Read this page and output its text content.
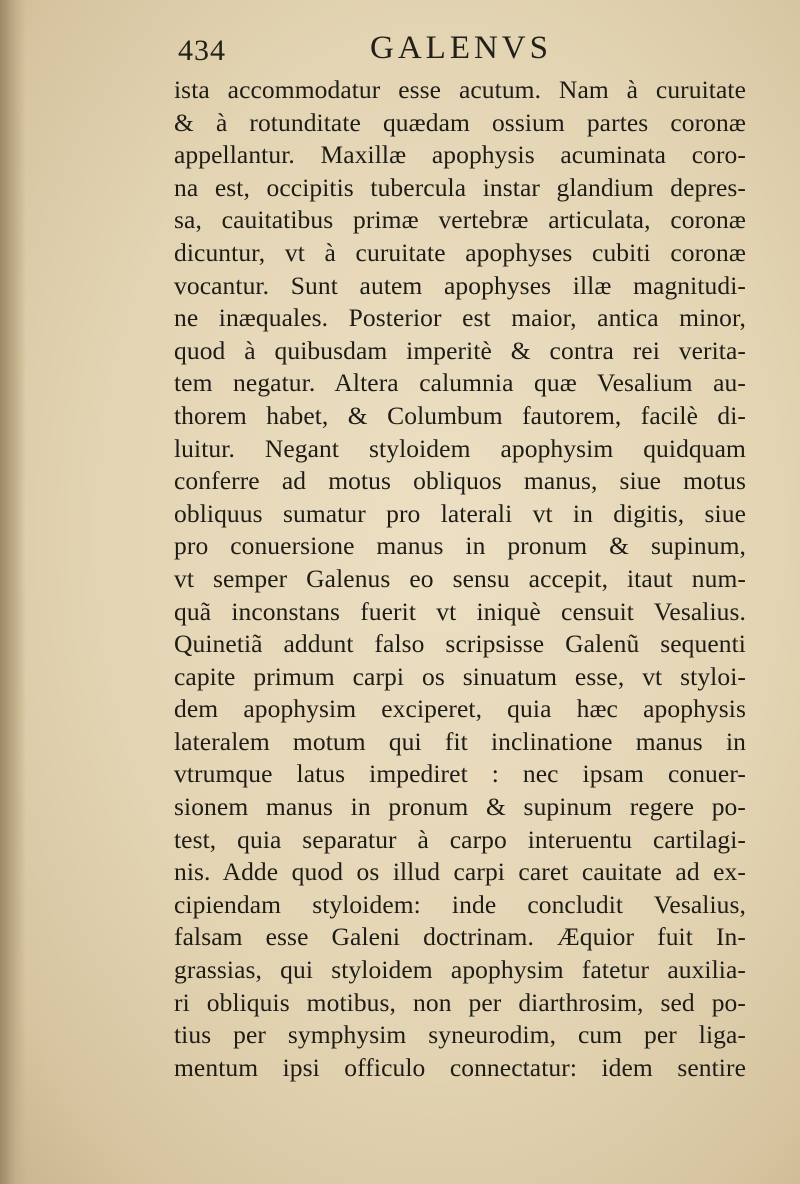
434	GALENVS
ista accommodatur esse acutum. Nam à curuitate
& à rotunditate quædam ossium partes coronæ
appellantur. Maxillæ apophysis acuminata coro-
na est, occipitis tubercula instar glandium depres-
sa, cauitatibus primæ vertebræ articulata, coronæ
dicuntur, vt à curuitate apophyses cubiti coronæ
vocantur. Sunt autem apophyses illæ magnitudi-
ne inæquales. Posterior est maior, antica minor,
quod à quibusdam imperitè & contra rei verita-
tem negatur. Altera calumnia quæ Vesalium au-
thorem habet, & Columbum fautorem, facilè di-
luitur. Negant styloidem apophysim quidquam
conferre ad motus obliquos manus, siue motus
obliquus sumatur pro laterali vt in digitis, siue
pro conuersione manus in pronum & supinum,
vt semper Galenus eo sensu accepit, itaut num-
quã inconstans fuerit vt iniquè censuit Vesalius.
Quinetiã addunt falso scripsisse Galenũ sequenti
capite primum carpi os sinuatum esse, vt styloi-
dem apophysim exciperet, quia hæc apophysis
lateralem motum qui fit inclinatione manus in
vtrumque latus impediret : nec ipsam conuer-
sionem manus in pronum & supinum regere po-
test, quia separatur à carpo interuentu cartilagi-
nis. Adde quod os illud carpi caret cauitate ad ex-
cipiendam styloidem: inde concludit Vesalius,
falsam esse Galeni doctrinam. Æquior fuit In-
grassias, qui styloidem apophysim fatetur auxilia-
ri obliquis motibus, non per diarthrosim, sed po-
tius per symphysim syneurodim, cum per liga-
mentum ipsi officulo connectatur: idem sentire
